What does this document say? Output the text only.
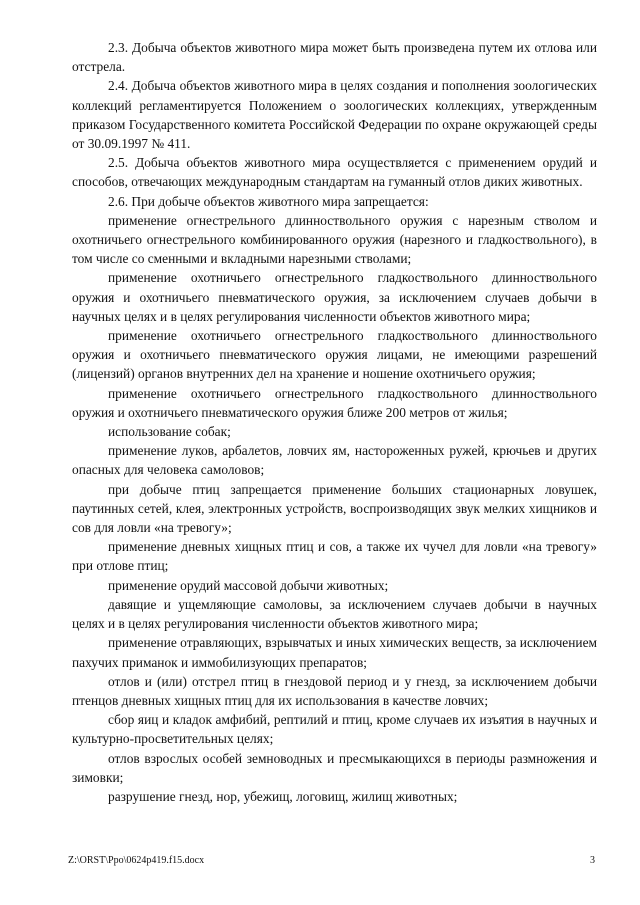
2.3. Добыча объектов животного мира может быть произведена путем их отлова или отстрела.

2.4. Добыча объектов животного мира в целях создания и пополнения зоологических коллекций регламентируется Положением о зоологических коллекциях, утвержденным приказом Государственного комитета Российской Федерации по охране окружающей среды от 30.09.1997 № 411.

2.5. Добыча объектов животного мира осуществляется с применением орудий и способов, отвечающих международным стандартам на гуманный отлов диких животных.

2.6. При добыче объектов животного мира запрещается:

применение огнестрельного длинноствольного оружия с нарезным стволом и охотничьего огнестрельного комбинированного оружия (нарезного и гладкоствольного), в том числе со сменными и вкладными нарезными стволами;

применение охотничьего огнестрельного гладкоствольного длинноствольного оружия и охотничьего пневматического оружия, за исключением случаев добычи в научных целях и в целях регулирования численности объектов животного мира;

применение охотничьего огнестрельного гладкоствольного длинноствольного оружия и охотничьего пневматического оружия лицами, не имеющими разрешений (лицензий) органов внутренних дел на хранение и ношение охотничьего оружия;

применение охотничьего огнестрельного гладкоствольного длинноствольного оружия и охотничьего пневматического оружия ближе 200 метров от жилья;

использование собак;

применение луков, арбалетов, ловчих ям, настороженных ружей, крючьев и других опасных для человека самоловов;

при добыче птиц запрещается применение больших стационарных ловушек, паутинных сетей, клея, электронных устройств, воспроизводящих звук мелких хищников и сов для ловли «на тревогу»;

применение дневных хищных птиц и сов, а также их чучел для ловли «на тревогу» при отлове птиц;

применение орудий массовой добычи животных;

давящие и ущемляющие самоловы, за исключением случаев добычи в научных целях и в целях регулирования численности объектов животного мира;

применение отравляющих, взрывчатых и иных химических веществ, за исключением пахучих приманок и иммобилизующих препаратов;

отлов и (или) отстрел птиц в гнездовой период и у гнезд, за исключением добычи птенцов дневных хищных птиц для их использования в качестве ловчих;

сбор яиц и кладок амфибий, рептилий и птиц, кроме случаев их изъятия в научных и культурно-просветительных целях;

отлов взрослых особей земноводных и пресмыкающихся в периоды размножения и зимовки;

разрушение гнезд, нор, убежищ, логовищ, жилищ животных;

Z:\ORST\Ppo\0624p419.f15.docx	3
